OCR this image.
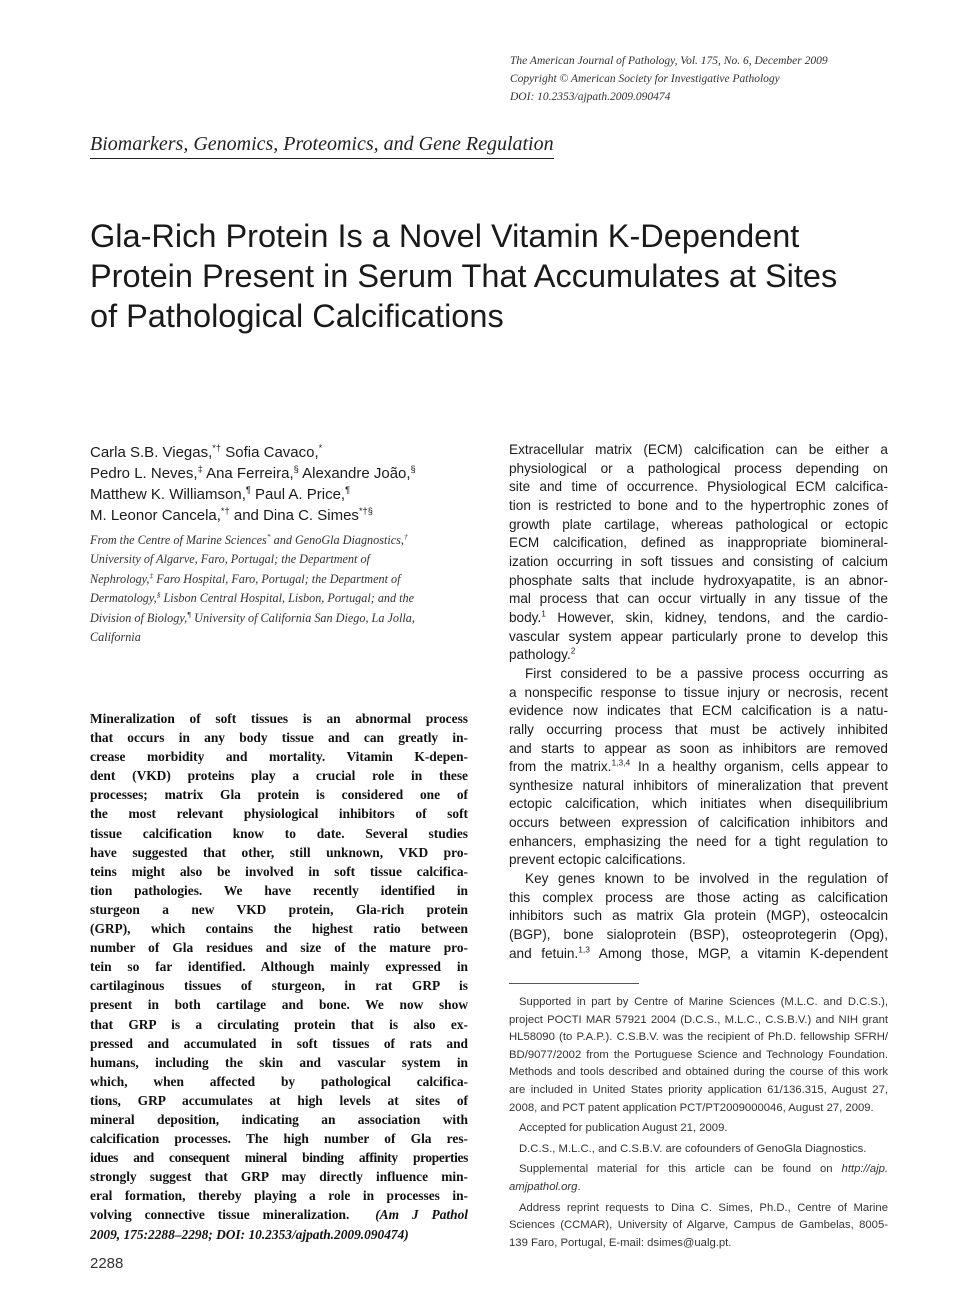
The American Journal of Pathology, Vol. 175, No. 6, December 2009
Copyright © American Society for Investigative Pathology
DOI: 10.2353/ajpath.2009.090474
Biomarkers, Genomics, Proteomics, and Gene Regulation
Gla-Rich Protein Is a Novel Vitamin K-Dependent
Protein Present in Serum That Accumulates at Sites
of Pathological Calcifications
Carla S.B. Viegas,*† Sofia Cavaco,*
Pedro L. Neves,‡ Ana Ferreira,§ Alexandre João,§
Matthew K. Williamson,¶ Paul A. Price,¶
M. Leonor Cancela,*† and Dina C. Simes*†§
From the Centre of Marine Sciences* and GenoGla Diagnostics,†
University of Algarve, Faro, Portugal; the Department of
Nephrology,‡ Faro Hospital, Faro, Portugal; the Department of
Dermatology,§ Lisbon Central Hospital, Lisbon, Portugal; and the
Division of Biology,¶ University of California San Diego, La Jolla,
California
Mineralization of soft tissues is an abnormal process
that occurs in any body tissue and can greatly in-
crease morbidity and mortality. Vitamin K-depen-
dent (VKD) proteins play a crucial role in these
processes; matrix Gla protein is considered one of
the most relevant physiological inhibitors of soft
tissue calcification know to date. Several studies
have suggested that other, still unknown, VKD pro-
teins might also be involved in soft tissue calcifica-
tion pathologies. We have recently identified in
sturgeon a new VKD protein, Gla-rich protein
(GRP), which contains the highest ratio between
number of Gla residues and size of the mature pro-
tein so far identified. Although mainly expressed in
cartilaginous tissues of sturgeon, in rat GRP is
present in both cartilage and bone. We now show
that GRP is a circulating protein that is also ex-
pressed and accumulated in soft tissues of rats and
humans, including the skin and vascular system in
which, when affected by pathological calcifica-
tions, GRP accumulates at high levels at sites of
mineral deposition, indicating an association with
calcification processes. The high number of Gla res-
idues and consequent mineral binding affinity properties
strongly suggest that GRP may directly influence min-
eral formation, thereby playing a role in processes in-
volving connective tissue mineralization. (Am J Pathol
2009, 175:2288–2298; DOI: 10.2353/ajpath.2009.090474)

Extracellular matrix (ECM) calcification can be either a
physiological or a pathological process depending on
site and time of occurrence. Physiological ECM calcifica-
tion is restricted to bone and to the hypertrophic zones of
growth plate cartilage, whereas pathological or ectopic
ECM calcification, defined as inappropriate biomineral-
ization occurring in soft tissues and consisting of calcium
phosphate salts that include hydroxyapatite, is an abnor-
mal process that can occur virtually in any tissue of the
body.$^1$ However, skin, kidney, tendons, and the cardio-
vascular system appear particularly prone to develop this
pathology.$^2$

First considered to be a passive process occurring as
a nonspecific response to tissue injury or necrosis, recent
evidence now indicates that ECM calcification is a natu-
rally occurring process that must be actively inhibited
and starts to appear as soon as inhibitors are removed
from the matrix.$^{1,3,4}$ In a healthy organism, cells appear to
synthesize natural inhibitors of mineralization that prevent
ectopic calcification, which initiates when disequilibrium
occurs between expression of calcification inhibitors and
enhancers, emphasizing the need for a tight regulation to
prevent ectopic calcifications.

Key genes known to be involved in the regulation of
this complex process are those acting as calcification
inhibitors such as matrix Gla protein (MGP), osteocalcin
(BGP), bone sialoprotein (BSP), osteoprotegerin (Opg),
and fetuin.$^{1,3}$ Among those, MGP, a vitamin K-dependent

Supported in part by Centre of Marine Sciences (M.L.C. and D.C.S.),
project POCTI MAR 57921 2004 (D.C.S., M.L.C., C.S.B.V.) and NIH grant
HL58090 (to P.A.P.). C.S.B.V. was the recipient of Ph.D. fellowship SFRH/
BD/9077/2002 from the Portuguese Science and Technology Foundation.
Methods and tools described and obtained during the course of this work
are included in United States priority application 61/136.315, August 27,
2008, and PCT patent application PCT/PT2009000046, August 27, 2009.
Accepted for publication August 21, 2009.
D.C.S., M.L.C., and C.S.B.V. are cofounders of GenoGla Diagnostics.
Supplemental material for this article can be found on http://ajp.
amjpathol.org.
Address reprint requests to Dina C. Simes, Ph.D., Centre of Marine
Sciences (CCMAR), University of Algarve, Campus de Gambelas, 8005-
139 Faro, Portugal, E-mail: dsimes@ualg.pt.
2288
